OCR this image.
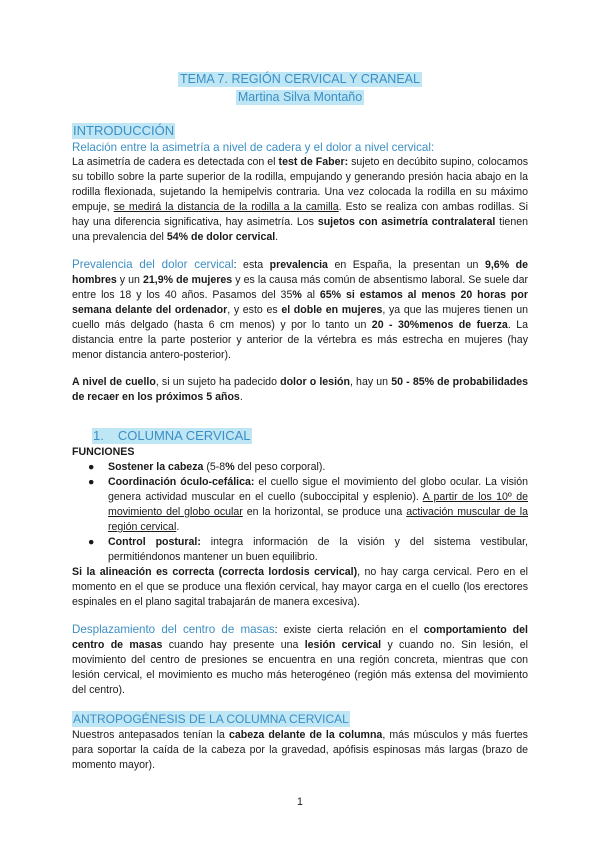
TEMA 7. REGIÓN CERVICAL Y CRANEAL
Martina Silva Montaño
INTRODUCCIÓN
Relación entre la asimetría a nivel de cadera y el dolor a nivel cervical:

La asimetría de cadera es detectada con el test de Faber: sujeto en decúbito supino, colocamos su tobillo sobre la parte superior de la rodilla, empujando y generando presión hacia abajo en la rodilla flexionada, sujetando la hemipelvis contraria. Una vez colocada la rodilla en su máximo empuje, se medirá la distancia de la rodilla a la camilla. Esto se realiza con ambas rodillas. Si hay una diferencia significativa, hay asimetría. Los sujetos con asimetría contralateral tienen una prevalencia del 54% de dolor cervical.

Prevalencia del dolor cervical: esta prevalencia en España, la presentan un 9,6% de hombres y un 21,9% de mujeres y es la causa más común de absentismo laboral. Se suele dar entre los 18 y los 40 años. Pasamos del 35% al 65% si estamos al menos 20 horas por semana delante del ordenador, y esto es el doble en mujeres, ya que las mujeres tienen un cuello más delgado (hasta 6 cm menos) y por lo tanto un 20 - 30%menos de fuerza. La distancia entre la parte posterior y anterior de la vértebra es más estrecha en mujeres (hay menor distancia antero-posterior).

A nivel de cuello, si un sujeto ha padecido dolor o lesión, hay un 50 - 85% de probabilidades de recaer en los próximos 5 años.

1. COLUMNA CERVICAL
FUNCIONES
● Sostener la cabeza (5-8% del peso corporal).
● Coordinación óculo-cefálica: el cuello sigue el movimiento del globo ocular. La visión genera actividad muscular en el cuello (suboccipital y esplenio). A partir de los 10º de movimiento del globo ocular en la horizontal, se produce una activación muscular de la región cervical.
● Control postural: integra información de la visión y del sistema vestibular, permitiéndonos mantener un buen equilibrio.

Si la alineación es correcta (correcta lordosis cervical), no hay carga cervical. Pero en el momento en el que se produce una flexión cervical, hay mayor carga en el cuello (los erectores espinales en el plano sagital trabajarán de manera excesiva).

Desplazamiento del centro de masas: existe cierta relación en el comportamiento del centro de masas cuando hay presente una lesión cervical y cuando no. Sin lesión, el movimiento del centro de presiones se encuentra en una región concreta, mientras que con lesión cervical, el movimiento es mucho más heterogéneo (región más extensa del movimiento del centro).

ANTROPOGÉNESIS DE LA COLUMNA CERVICAL

Nuestros antepasados tenían la cabeza delante de la columna, más músculos y más fuertes para soportar la caída de la cabeza por la gravedad, apófisis espinosas más largas (brazo de momento mayor).

1
